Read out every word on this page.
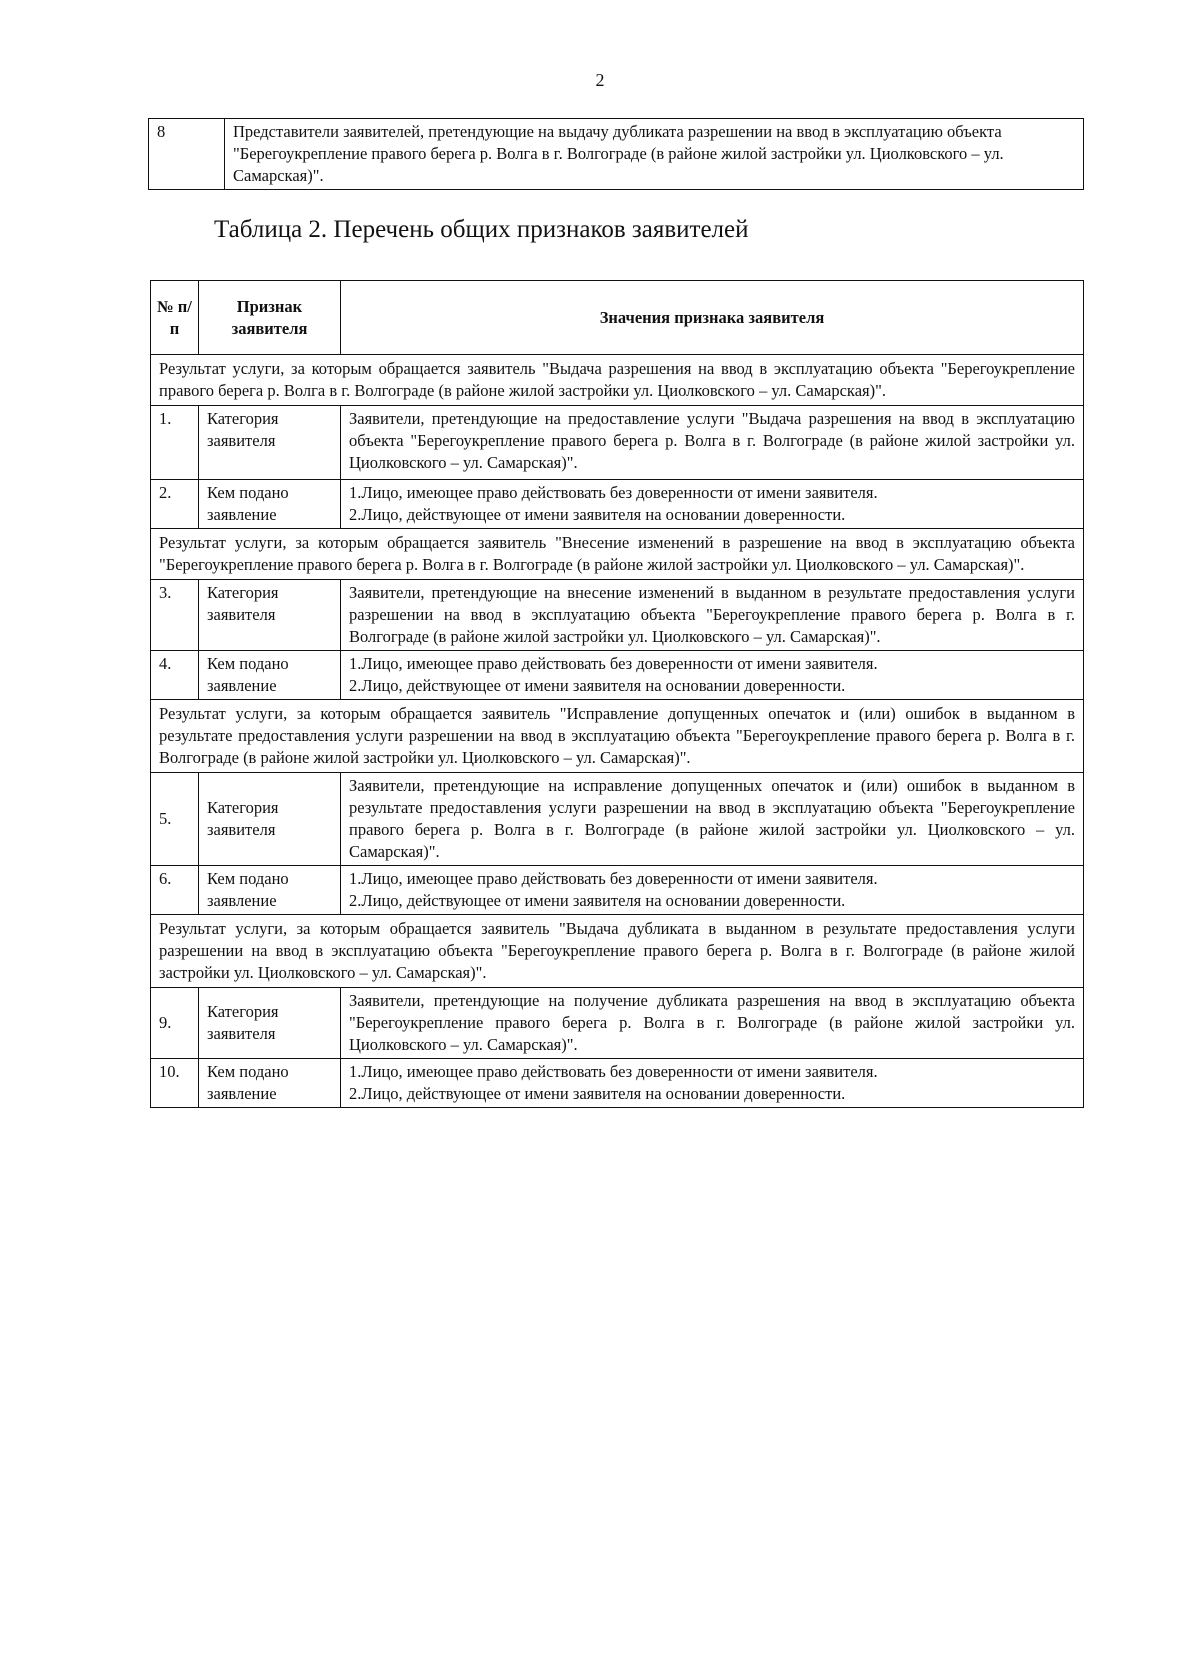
2
8	Представители заявителей, претендующие на выдачу дубликата разрешении на ввод в эксплуатацию объекта "Берегоукрепление правого берега р. Волга в г. Волгограде (в районе жилой застройки ул. Циолковского – ул. Самарская)".
Таблица 2. Перечень общих признаков заявителей
№ п/п	Признак заявителя	Значения признака заявителя
Результат услуги, за которым обращается заявитель "Выдача разрешения на ввод в эксплуатацию объекта "Берегоукрепление правого берега р. Волга в г. Волгограде (в районе жилой застройки ул. Циолковского – ул. Самарская)".		
1.	Категория заявителя	Заявители, претендующие на предоставление услуги "Выдача разрешения на ввод в эксплуатацию объекта "Берегоукрепление правого берега р. Волга в г. Волгограде (в районе жилой застройки ул. Циолковского – ул. Самарская)".
2.	Кем подано заявление	1.Лицо, имеющее право действовать без доверенности от имени заявителя.
2.Лицо, действующее от имени заявителя на основании доверенности.

Результат услуги, за которым обращается заявитель "Внесение изменений в разрешение на ввод в эксплуатацию объекта "Берегоукрепление правого берега р. Волга в г. Волгограде (в районе жилой застройки ул. Циолковского – ул. Самарская)".		
3.	Категория заявителя	Заявители, претендующие на внесение изменений в выданном в результате предоставления услуги разрешении на ввод в эксплуатацию объекта "Берегоукрепление правого берега р. Волга в г. Волгограде (в районе жилой застройки ул. Циолковского – ул. Самарская)".
4.	Кем подано заявление	1.Лицо, имеющее право действовать без доверенности от имени заявителя.
2.Лицо, действующее от имени заявителя на основании доверенности.

Результат услуги, за которым обращается заявитель "Исправление допущенных опечаток и (или) ошибок в выданном в результате предоставления услуги разрешении на ввод в эксплуатацию объекта "Берегоукрепление правого берега р. Волга в г. Волгограде (в районе жилой застройки ул. Циолковского – ул. Самарская)".		
5.	Категория заявителя	Заявители, претендующие на исправление допущенных опечаток и (или) ошибок в выданном в результате предоставления услуги разрешении на ввод в эксплуатацию объекта "Берегоукрепление правого берега р. Волга в г. Волгограде (в районе жилой застройки ул. Циолковского – ул. Самарская)".
6.	Кем подано заявление	1.Лицо, имеющее право действовать без доверенности от имени заявителя.
2.Лицо, действующее от имени заявителя на основании доверенности.

Результат услуги, за которым обращается заявитель "Выдача дубликата в выданном в результате предоставления услуги разрешении на ввод в эксплуатацию объекта "Берегоукрепление правого берега р. Волга в г. Волгограде (в районе жилой застройки ул. Циолковского – ул. Самарская)".		
9.	Категория заявителя	Заявители, претендующие на получение дубликата разрешения на ввод в эксплуатацию объекта "Берегоукрепление правого берега р. Волга в г. Волгограде (в районе жилой застройки ул. Циолковского – ул. Самарская)".
10.	Кем подано заявление	1.Лицо, имеющее право действовать без доверенности от имени заявителя.
2.Лицо, действующее от имени заявителя на основании доверенности.
